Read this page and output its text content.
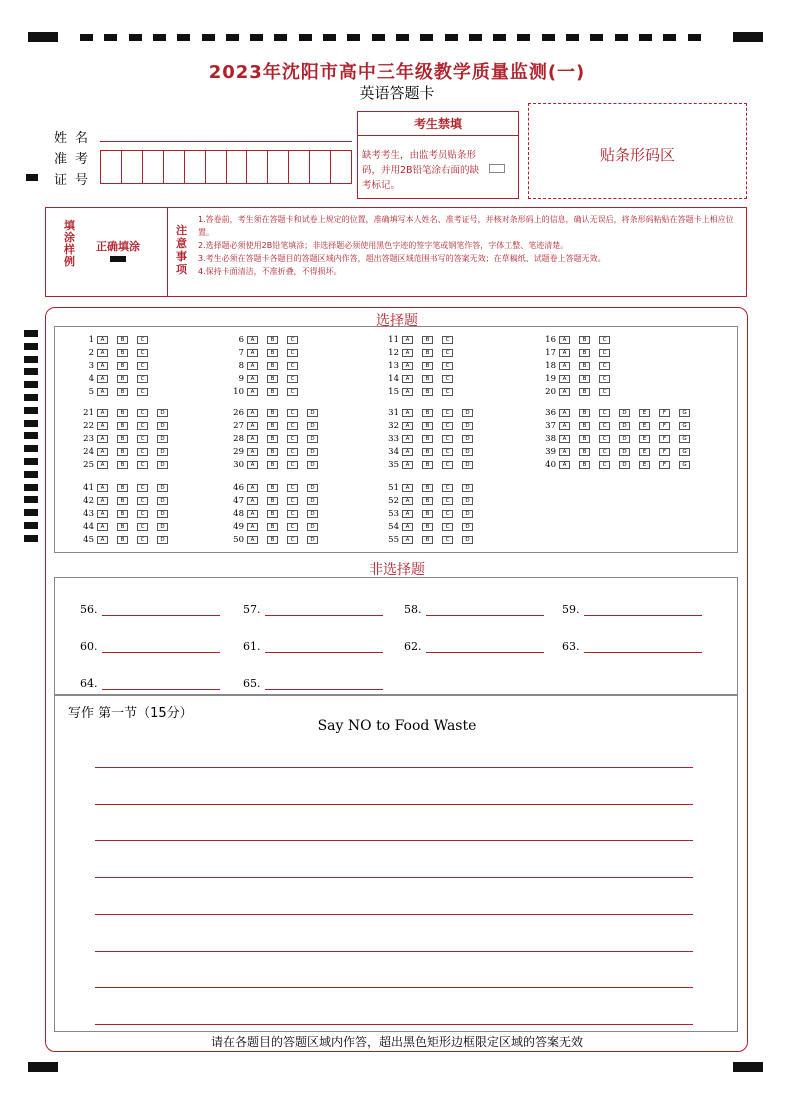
2023年沈阳市高中三年级教学质量监测(一)
英语答题卡
姓名
准考
证号
考生禁填
缺考考生，由监考员贴条形码，并用2B铅笔涂右面的缺考标记。
贴条形码区
填涂样例
正确填涂
注意事项
1.答卷前，考生须在答题卡和试卷上规定的位置，准确填写本人姓名、准考证号，并核对条形码上的信息，确认无误后，将条形码粘贴在答题卡上相应位置。
2.选择题必须使用2B铅笔填涂；非选择题必须使用黑色字迹的签字笔或钢笔作答，字体工整、笔迹清楚。
3.考生必须在答题卡各题目的答题区域内作答，超出答题区域范围书写的答案无效；在草稿纸、试题卷上答题无效。
4.保持卡面清洁，不准折叠，不得损坏。
选择题
1	A	B	C
2	A	B	C
3	A	B	C
4	A	B	C
5	A	B	C
6	A	B	C
7	A	B	C
8	A	B	C
9	A	B	C
10	A	B	C
11	A	B	C
12	A	B	C
13	A	B	C
14	A	B	C
15	A	B	C
16	A	B	C
17	A	B	C
18	A	B	C
19	A	B	C
20	A	B	C
21	A	B	C	D
22	A	B	C	D
23	A	B	C	D
24	A	B	C	D
25	A	B	C	D
26	A	B	C	D
27	A	B	C	D
28	A	B	C	D
29	A	B	C	D
30	A	B	C	D
31	A	B	C	D
32	A	B	C	D
33	A	B	C	D
34	A	B	C	D
35	A	B	C	D
36	A	B	C	D	E	F	G
37	A	B	C	D	E	F	G
38	A	B	C	D	E	F	G
39	A	B	C	D	E	F	G
40	A	B	C	D	E	F	G
41	A	B	C	D
42	A	B	C	D
43	A	B	C	D
44	A	B	C	D
45	A	B	C	D
46	A	B	C	D
47	A	B	C	D
48	A	B	C	D
49	A	B	C	D
50	A	B	C	D
51	A	B	C	D
52	A	B	C	D
53	A	B	C	D
54	A	B	C	D
55	A	B	C	D
非选择题
56.	57.	58.	59.
60.	61.	62.	63.
64.	65.
写作 第一节（15分）
Say NO to Food Waste
请在各题目的答题区域内作答，超出黑色矩形边框限定区域的答案无效
